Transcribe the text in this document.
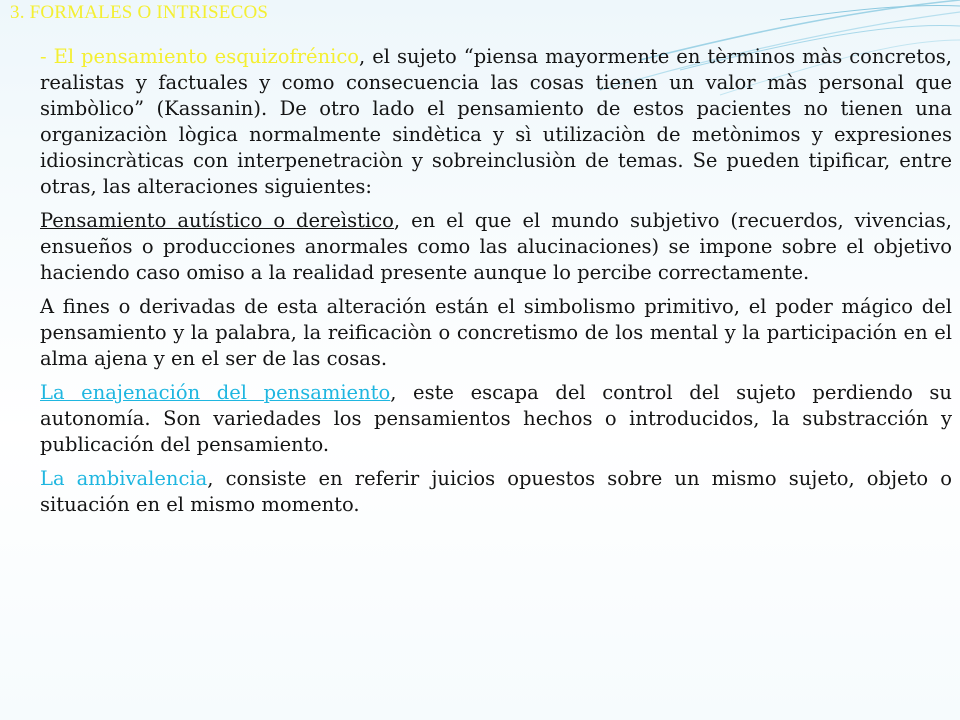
3. FORMALES O INTRISECOS

- El pensamiento esquizofrénico, el sujeto “piensa mayormente en tèrminos màs concretos, realistas y factuales y como consecuencia las cosas tienen un valor màs personal que simbòlico” (Kassanin). De otro lado el pensamiento de estos pacientes no tienen una organizaciòn lògica normalmente sindètica y sì utilizaciòn de metònimos y expresiones idiosincràticas con interpenetraciòn y sobreinclusiòn de temas. Se pueden tipificar, entre otras, las alteraciones siguientes:

Pensamiento autístico o dereìstico, en el que el mundo subjetivo (recuerdos, vivencias, ensueños o producciones anormales como las alucinaciones) se impone sobre el objetivo haciendo caso omiso a la realidad presente aunque lo percibe correctamente.

A fines o derivadas de esta alteración están el simbolismo primitivo, el poder mágico del pensamiento y la palabra, la reificaciòn o concretismo de los mental y la participación en el alma ajena y en el ser de las cosas.

La enajenación del pensamiento, este escapa del control del sujeto perdiendo su autonomía. Son variedades los pensamientos hechos o introducidos, la substracción y publicación del pensamiento.

La ambivalencia, consiste en referir juicios opuestos sobre un mismo sujeto, objeto o situación en el mismo momento.
